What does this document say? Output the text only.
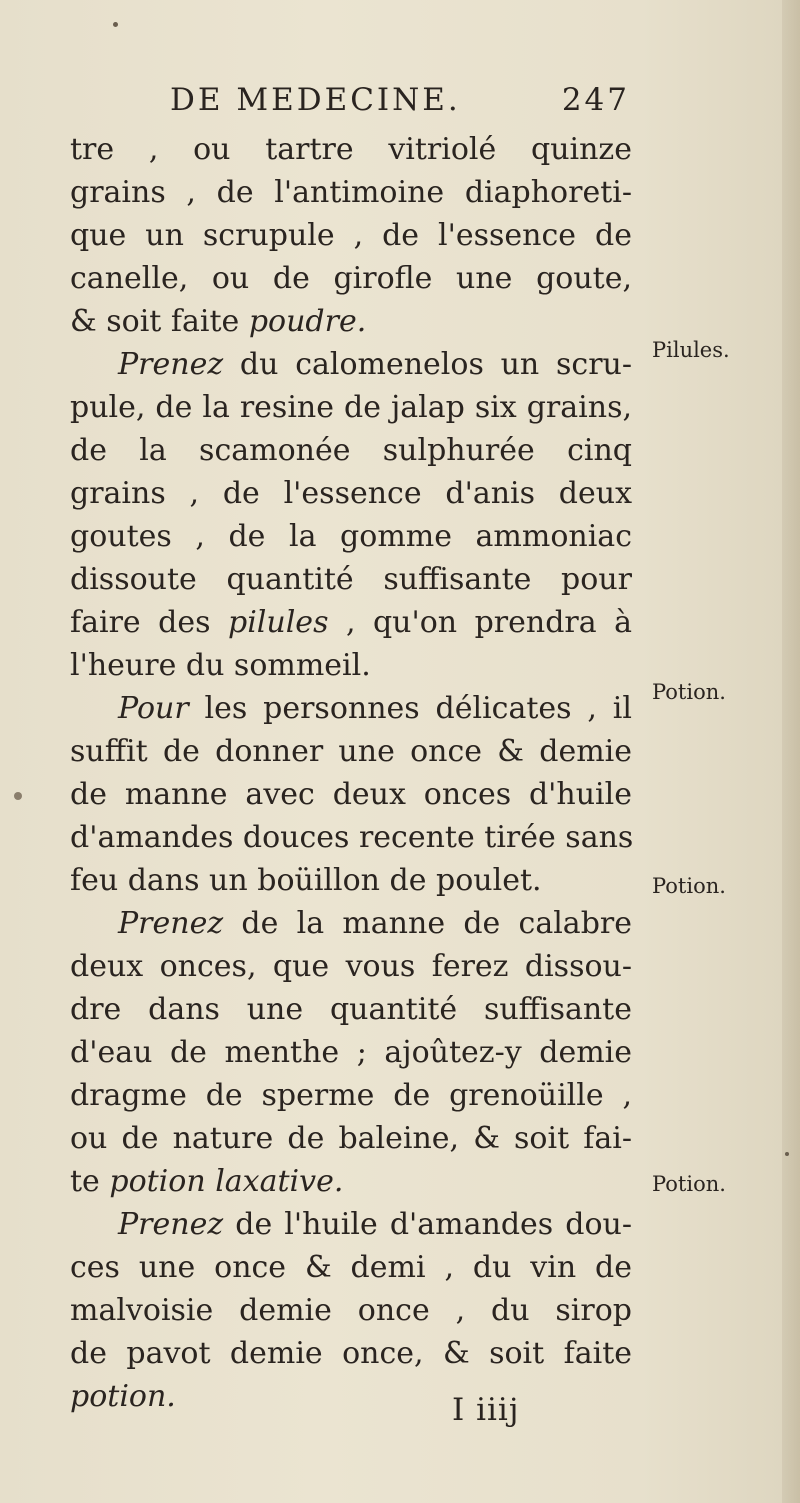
DE MEDECINE.	247
tre , ou tartre vitriolé quinze
grains , de l'antimoine diaphoreti-
que un scrupule , de l'essence de
canelle, ou de girofle une goute,
& soit faite poudre.
Prenez du calomenelos un scru-
pule, de la resine de jalap six grains,
de la scamonée sulphurée cinq
grains , de l'essence d'anis deux
goutes , de la gomme ammoniac
dissoute quantité suffisante pour
faire des pilules , qu'on prendra à
l'heure du sommeil.
Pour les personnes délicates , il
suffit de donner une once & demie
de manne avec deux onces d'huile
d'amandes douces recente tirée sans
feu dans un boüillon de poulet.
Prenez de la manne de calabre
deux onces, que vous ferez dissou-
dre dans une quantité suffisante
d'eau de menthe ; ajoûtez-y demie
dragme de sperme de grenoüille ,
ou de nature de baleine, & soit fai-
te potion laxative.
Prenez de l'huile d'amandes dou-
ces une once & demi , du vin de
malvoisie demie once , du sirop
de pavot demie once, & soit faite
potion.
Pilules.
Potion.
Potion.
Potion.
I iiij
